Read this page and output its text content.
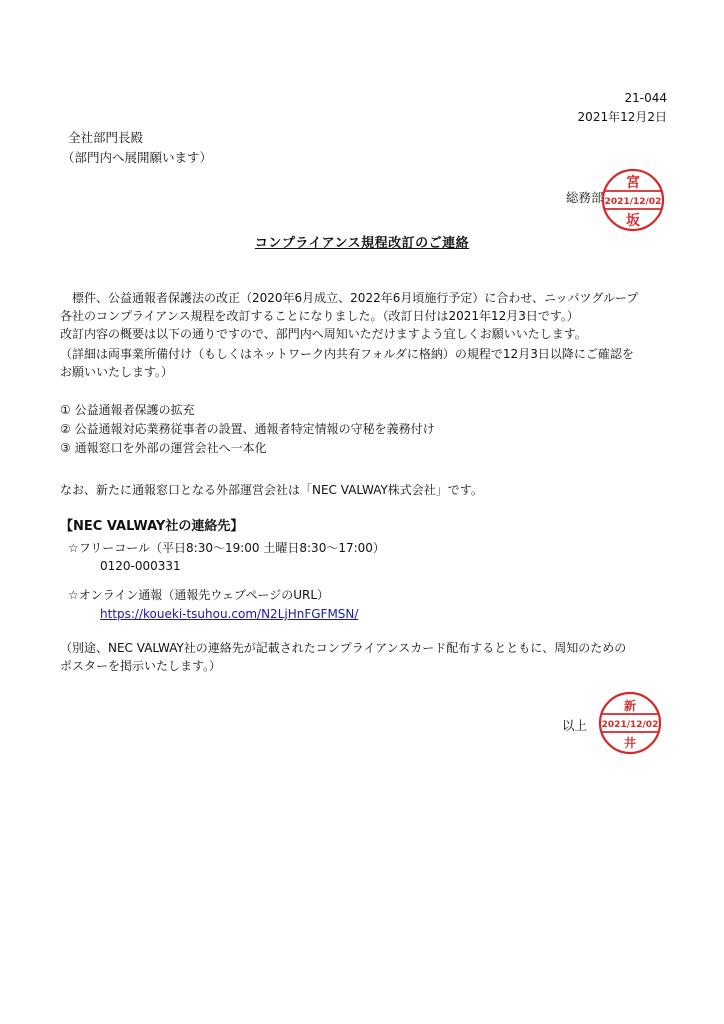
21-044
2021年12月2日
全社部門長殿
（部門内へ展開願います）
総務部
宮
2021/12/02
坂
コンプライアンス規程改訂のご連絡
　標件、公益通報者保護法の改正（2020年6月成立、2022年6月頃施行予定）に合わせ、ニッパツグループ
各社のコンプライアンス規程を改訂することになりました。（改訂日付は2021年12月3日です。）
改訂内容の概要は以下の通りですので、部門内へ周知いただけますよう宜しくお願いいたします。
（詳細は両事業所備付け（もしくはネットワーク内共有フォルダに格納）の規程で12月3日以降にご確認を
お願いいたします。）
① 公益通報者保護の拡充
② 公益通報対応業務従事者の設置、通報者特定情報の守秘を義務付け
③ 通報窓口を外部の運営会社へ一本化
なお、新たに通報窓口となる外部運営会社は「NEC VALWAY株式会社」です。
【NEC VALWAY社の連絡先】
☆フリーコール（平日8:30～19:00 土曜日8:30～17:00）
0120-000331
☆オンライン通報（通報先ウェブページのURL）
https://koueki-tsuhou.com/N2LjHnFGFMSN/
（別途、NEC VALWAY社の連絡先が記載されたコンプライアンスカード配布するとともに、周知のための
ポスターを掲示いたします。）
以上
新
2021/12/02
井
